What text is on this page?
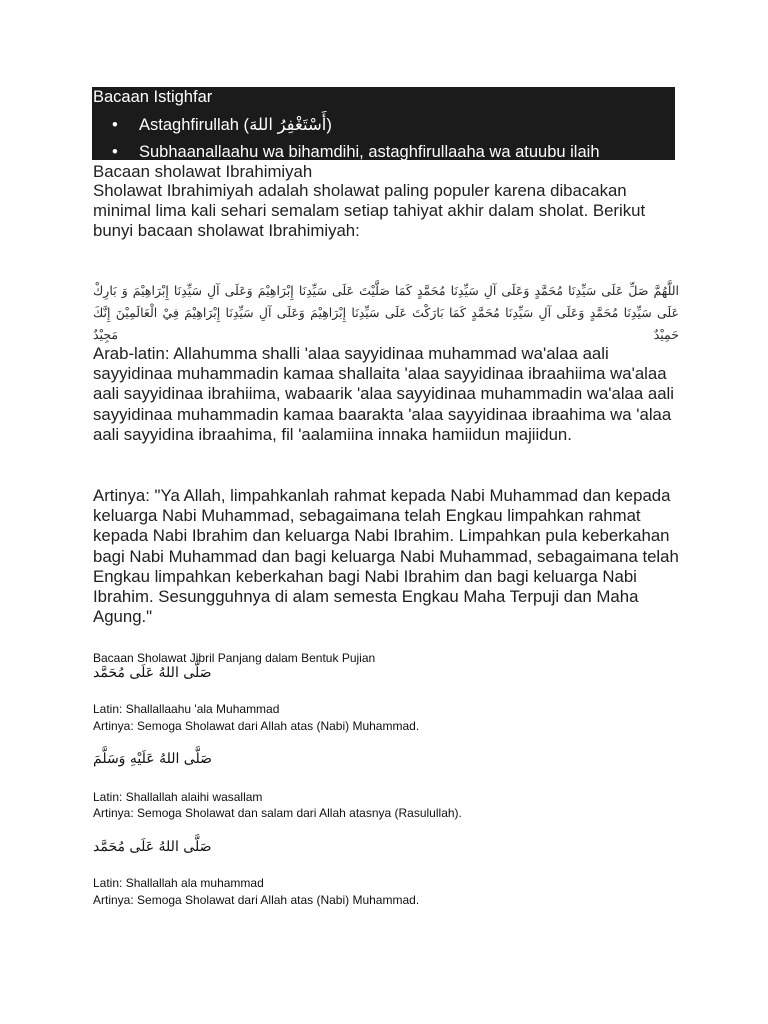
Bacaan Istighfar
• Astaghfirullah (أَسْتَغْفِرُ اللهَ)
• Subhaanallaahu wa bihamdihi, astaghfirullaaha wa atuubu ilaih
Bacaan sholawat Ibrahimiyah
Sholawat Ibrahimiyah adalah sholawat paling populer karena dibacakan minimal lima kali sehari semalam setiap tahiyat akhir dalam sholat. Berikut bunyi bacaan sholawat Ibrahimiyah:
اللَّهُمَّ صَلِّ عَلَى سَيِّدِنَا مُحَمَّدٍ وَعَلَى آلِ سَيِّدِنَا مُحَمَّدٍ كَمَا صَلَّيْتَ عَلَى سَيِّدِنَا إِبْرَاهِيْمَ وَعَلَى آلِ سَيِّدِنَا إِبْرَاهِيْمَ وَ بَارِكْ عَلَى سَيِّدِنَا مُحَمَّدٍ وَعَلَى آلِ سَيِّدِنَا مُحَمَّدٍ كَمَا بَارَكْتَ عَلَى سَيِّدِنَا إِبْرَاهِيْمَ وَعَلَى آلِ سَيِّدِنَا إِبْرَاهِيْمَ فِيْ الْعَالَمِيْنَ إِنَّكَ حَمِيْدٌ مَجِيْدٌ
Arab-latin: Allahumma shalli 'alaa sayyidinaa muhammad wa'alaa aali sayyidinaa muhammadin kamaa shallaita 'alaa sayyidinaa ibraahiima wa'alaa aali sayyidinaa ibrahiima, wabaarik 'alaa sayyidinaa muhammadin wa'alaa aali sayyidinaa muhammadin kamaa baarakta 'alaa sayyidinaa ibraahima wa 'alaa aali sayyidina ibraahima, fil 'aalamiina innaka hamiidun majiidun.
Artinya: "Ya Allah, limpahkanlah rahmat kepada Nabi Muhammad dan kepada keluarga Nabi Muhammad, sebagaimana telah Engkau limpahkan rahmat kepada Nabi Ibrahim dan keluarga Nabi Ibrahim. Limpahkan pula keberkahan bagi Nabi Muhammad dan bagi keluarga Nabi Muhammad, sebagaimana telah Engkau limpahkan keberkahan bagi Nabi Ibrahim dan bagi keluarga Nabi Ibrahim. Sesungguhnya di alam semesta Engkau Maha Terpuji dan Maha Agung."
Bacaan Sholawat Jibril Panjang dalam Bentuk Pujian
صَلَّى اللهُ عَلَى مُحَمَّد
Latin: Shallallaahu 'ala Muhammad
Artinya: Semoga Sholawat dari Allah atas (Nabi) Muhammad.
صَلَّى اللهُ عَلَيْهِ وَسَلَّمَ
Latin: Shallallah alaihi wasallam
Artinya: Semoga Sholawat dan salam dari Allah atasnya (Rasulullah).
صَلَّى اللهُ عَلَى مُحَمَّد
Latin: Shallallah ala muhammad
Artinya: Semoga Sholawat dari Allah atas (Nabi) Muhammad.
